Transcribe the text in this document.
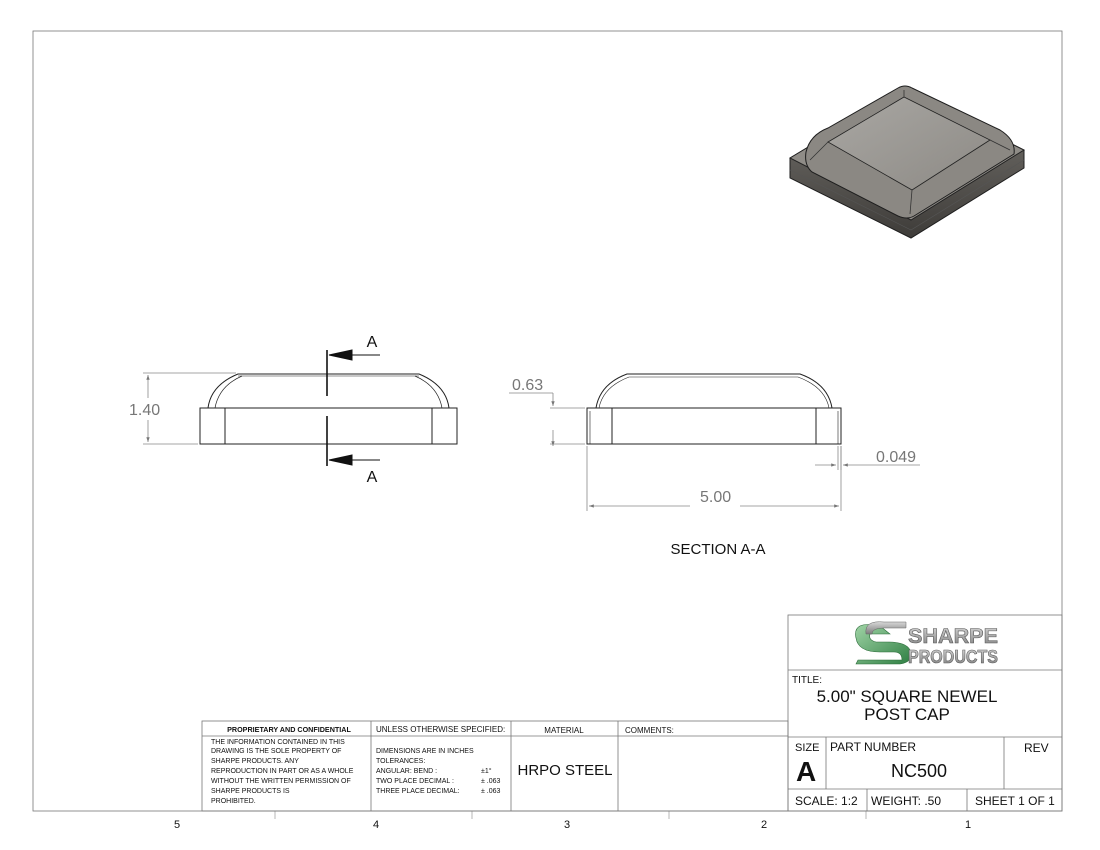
5	4	3	2	1
A
A
1.40
0.63
0.049
5.00
SECTION A-A
SHARPE
PRODUCTS
TITLE:
5.00" SQUARE NEWEL
POST CAP
SIZE
A
PART NUMBER
NC500
REV
SCALE: 1:2 WEIGHT: .50	SHEET 1 OF 1
PROPRIETARY AND CONFIDENTIAL
THE INFORMATION CONTAINED IN THIS
DRAWING IS THE SOLE PROPERTY OF
SHARPE PRODUCTS. ANY
REPRODUCTION IN PART OR AS A WHOLE
WITHOUT THE WRITTEN PERMISSION OF
SHARPE PRODUCTS IS
PROHIBITED.
UNLESS OTHERWISE SPECIFIED:
DIMENSIONS ARE IN INCHES
TOLERANCES:
ANGULAR: BEND :	±1°
TWO PLACE DECIMAL :	± .063
THREE PLACE DECIMAL:	± .063
MATERIAL
HRPO STEEL
COMMENTS:
